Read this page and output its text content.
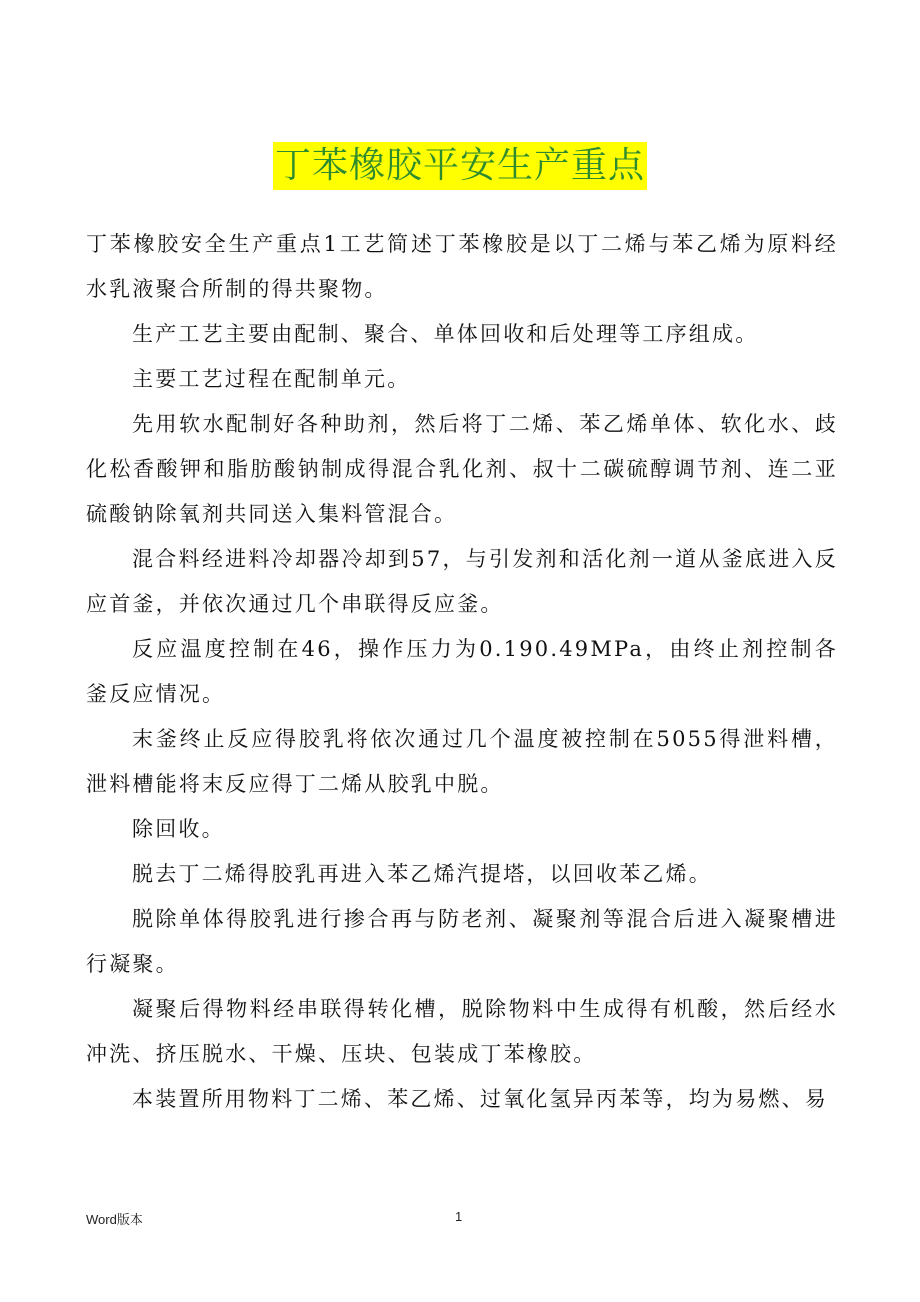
丁苯橡胶平安生产重点

丁苯橡胶安全生产重点1工艺简述丁苯橡胶是以丁二烯与苯乙烯为原料经水乳液聚合所制的得共聚物。

生产工艺主要由配制、聚合、单体回收和后处理等工序组成。

主要工艺过程在配制单元。

先用软水配制好各种助剂，然后将丁二烯、苯乙烯单体、软化水、歧化松香酸钾和脂肪酸钠制成得混合乳化剂、叔十二碳硫醇调节剂、连二亚硫酸钠除氧剂共同送入集料管混合。

混合料经进料冷却器冷却到57，与引发剂和活化剂一道从釜底进入反应首釜，并依次通过几个串联得反应釜。

反应温度控制在46，操作压力为0.190.49MPa，由终止剂控制各釜反应情况。

末釜终止反应得胶乳将依次通过几个温度被控制在5055得泄料槽，泄料槽能将末反应得丁二烯从胶乳中脱。

除回收。

脱去丁二烯得胶乳再进入苯乙烯汽提塔，以回收苯乙烯。

脱除单体得胶乳进行掺合再与防老剂、凝聚剂等混合后进入凝聚槽进行凝聚。

凝聚后得物料经串联得转化槽，脱除物料中生成得有机酸，然后经水冲洗、挤压脱水、干燥、压块、包装成丁苯橡胶。

本装置所用物料丁二烯、苯乙烯、过氧化氢异丙苯等，均为易燃、易

Word版本	1
